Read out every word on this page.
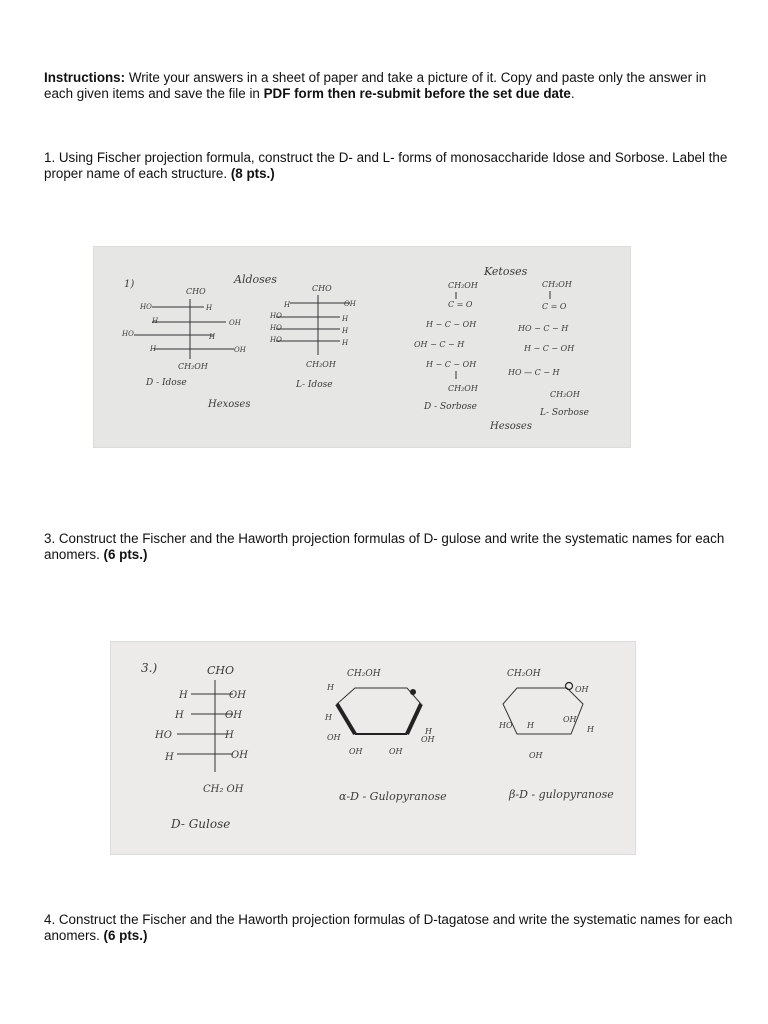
Instructions: Write your answers in a sheet of paper and take a picture of it. Copy and paste only the answer in each given items and save the file in PDF form then re-submit before the set due date.

1. Using Fischer projection formula, construct the D- and L- forms of monosaccharide Idose and Sorbose. Label the proper name of each structure. (8 pts.)

1)	Aldoses
Ketoses
CHO
HO	H
H	OH
HO	H
H	OH
CH₂OH
D - Idose
CHO
H	OH
HO	H
HO	H
HO	H
CH₂OH
L- Idose
Hexoses
CH₂OH
C = O
H − C − OH
OH − C − H
H − C − OH
CH₂OH
D - Sorbose
CH₂OH
C = O
HO − C − H
H − C − OH
HO — C − H
CH₂OH
L- Sorbose
Hesoses

3. Construct the Fischer and the Haworth projection formulas of D- gulose and write the systematic names for each anomers. (6 pts.)

3.)	CHO
H	OH
H	OH
HO	H
H	OH
CH₂ OH
D- Gulose
CH₂OH
H
H
OH
H
OH
OH	OH
α-D - Gulopyranose
CH₂OH
OH
HO H
OH
H
OH
β-D - gulopyranose

4. Construct the Fischer and the Haworth projection formulas of D-tagatose and write the systematic names for each anomers. (6 pts.)
